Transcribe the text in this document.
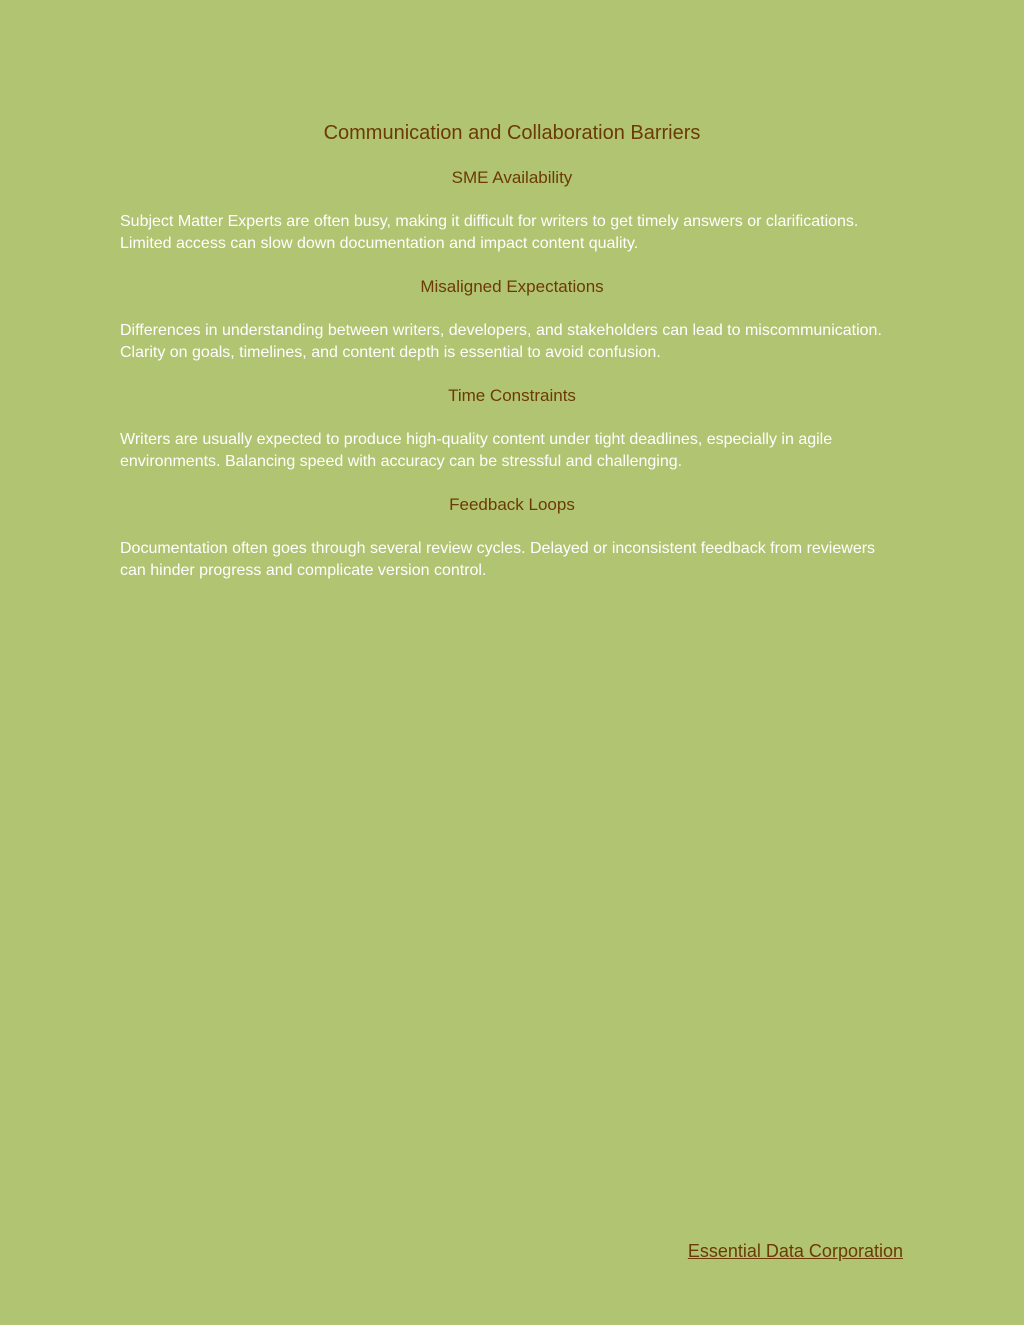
Communication and Collaboration Barriers
SME Availability

Subject Matter Experts are often busy, making it difficult for writers to get timely answers or clarifications. Limited access can slow down documentation and impact content quality.

Misaligned Expectations

Differences in understanding between writers, developers, and stakeholders can lead to miscommunication. Clarity on goals, timelines, and content depth is essential to avoid confusion.

Time Constraints

Writers are usually expected to produce high-quality content under tight deadlines, especially in agile environments. Balancing speed with accuracy can be stressful and challenging.

Feedback Loops

Documentation often goes through several review cycles. Delayed or inconsistent feedback from reviewers can hinder progress and complicate version control.

Essential Data Corporation
